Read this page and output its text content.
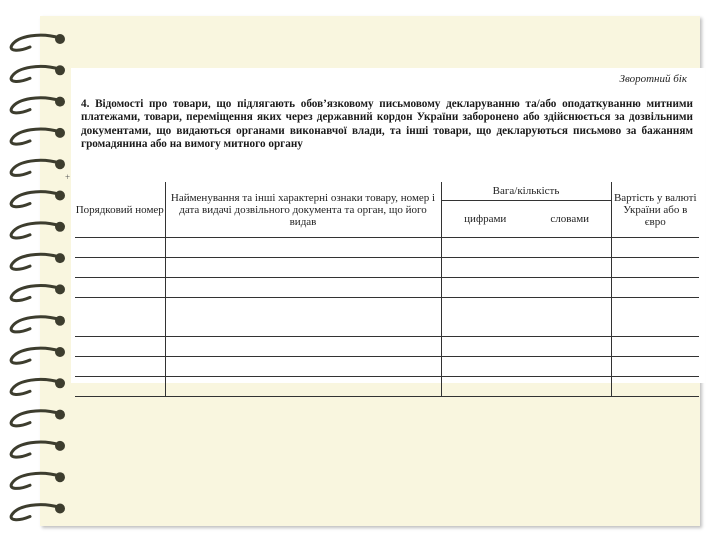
Зворотний бік
4. Відомості про товари, що підлягають обов’язковому письмовому декларуванню та/або оподаткуванню митними платежами, товари, переміщення яких через державний кордон України заборонено або здійснюється за дозвільними документами, що видаються органами виконавчої влади, та інші товари, що декларуються письмово за бажанням громадянина або на вимогу митного органу
+
Порядковий номер	Найменування та інші характерні ознаки товару, номер і дата видачі дозвільного документа та орган, що його видав	Вага/кількість		Вартість у валюті України або в євро
		цифрами	словами	
